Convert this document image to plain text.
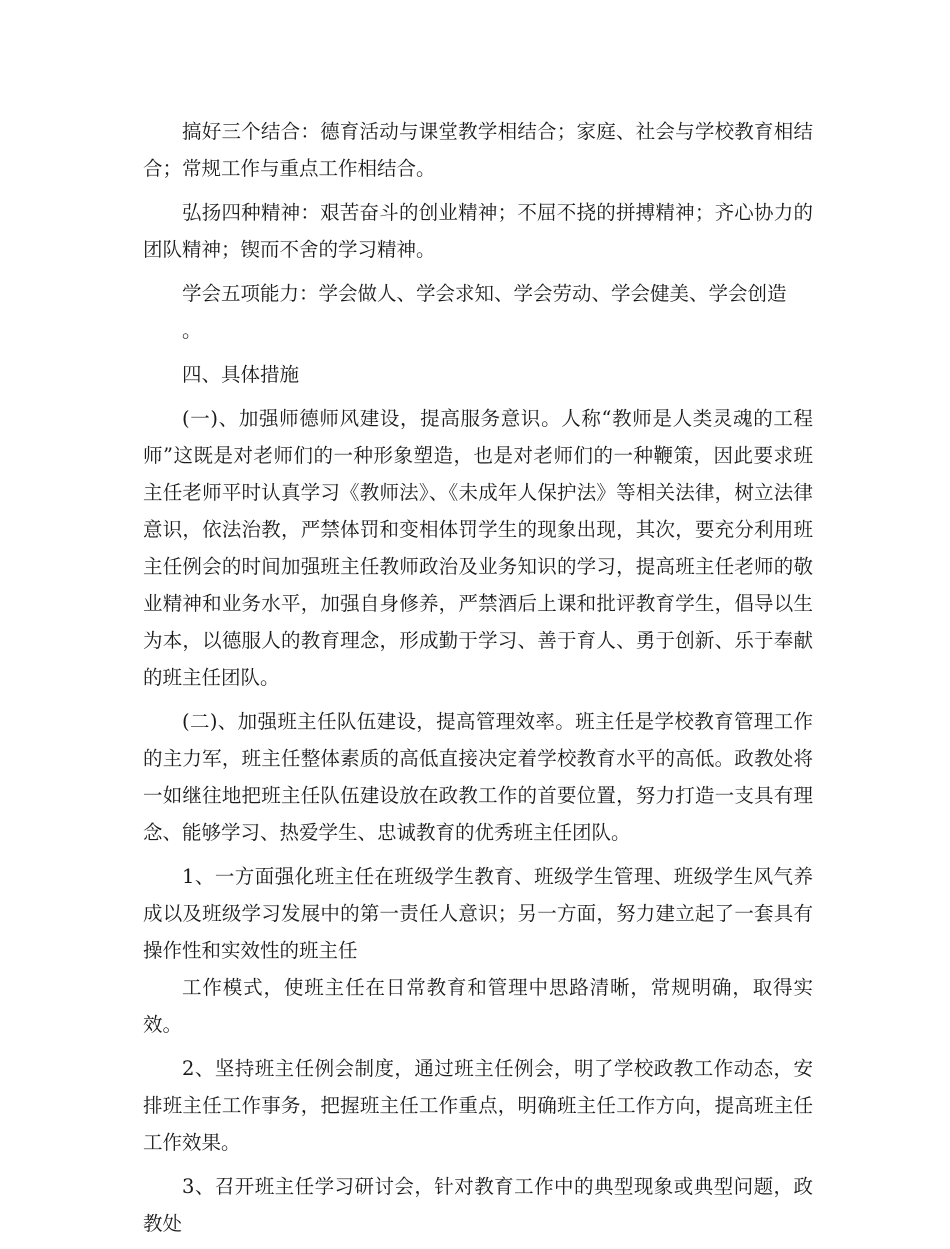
搞好三个结合：德育活动与课堂教学相结合；家庭、社会与学校教育相结合；常规工作与重点工作相结合。

弘扬四种精神：艰苦奋斗的创业精神；不屈不挠的拼搏精神；齐心协力的团队精神；锲而不舍的学习精神。

学会五项能力：学会做人、学会求知、学会劳动、学会健美、学会创造

。

四、具体措施

(一)、加强师德师风建设，提高服务意识。人称“教师是人类灵魂的工程师”这既是对老师们的一种形象塑造，也是对老师们的一种鞭策，因此要求班主任老师平时认真学习《教师法》、《未成年人保护法》等相关法律，树立法律意识，依法治教，严禁体罚和变相体罚学生的现象出现，其次，要充分利用班主任例会的时间加强班主任教师政治及业务知识的学习，提高班主任老师的敬业精神和业务水平，加强自身修养，严禁酒后上课和批评教育学生，倡导以生为本，以德服人的教育理念，形成勤于学习、善于育人、勇于创新、乐于奉献的班主任团队。

(二)、加强班主任队伍建设，提高管理效率。班主任是学校教育管理工作的主力军，班主任整体素质的高低直接决定着学校教育水平的高低。政教处将一如继往地把班主任队伍建设放在政教工作的首要位置，努力打造一支具有理念、能够学习、热爱学生、忠诚教育的优秀班主任团队。

1、一方面强化班主任在班级学生教育、班级学生管理、班级学生风气养成以及班级学习发展中的第一责任人意识；另一方面，努力建立起了一套具有操作性和实效性的班主任

工作模式，使班主任在日常教育和管理中思路清晰，常规明确，取得实效。

2、坚持班主任例会制度，通过班主任例会，明了学校政教工作动态，安排班主任工作事务，把握班主任工作重点，明确班主任工作方向，提高班主任工作效果。

3、召开班主任学习研讨会，针对教育工作中的典型现象或典型问题，政教处
